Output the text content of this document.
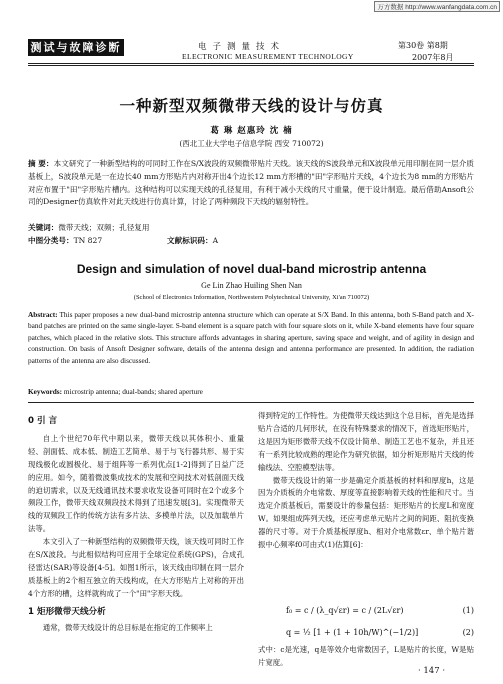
万方数据 http://www.wanfangdata.com.cn
测试与故障诊断	电子测量技术
ELECTRONIC MEASUREMENT TECHNOLOGY
第30卷 第8期
2007年8月
一种新型双频微带天线的设计与仿真
葛 琳 赵惠玲 沈 楠
(西北工业大学电子信息学院 西安 710072)
摘 要：本文研究了一种新型结构的可同时工作在S/X波段的双频微带贴片天线。该天线的S波段单元和X波段单元用印制在同一层介质基板上，S波段单元是一在边长40 mm方形贴片内对称开出4个边长12 mm方形槽的"田"字形贴片天线，4个边长为8 mm的方形贴片对应布置于"田"字形贴片槽内。这种结构可以实现天线的孔径复用，有利于减小天线的尺寸重量，便于设计制造。最后借助Ansoft公司的Designer仿真软件对此天线进行仿真计算，讨论了两种频段下天线的辐射特性。
关键词：微带天线；双频；孔径复用
中图分类号：TN 827	文献标识码：A
Design and simulation of novel dual-band microstrip antenna
Ge Lin Zhao Huiling Shen Nan
(School of Electronics Information, Northwestern Polytechnical University, Xi'an 710072)
Abstract: This paper proposes a new dual-band microstrip antenna structure which can operate at S/X Band. In this antenna, both S-Band patch and X-band patches are printed on the same single-layer. S-band element is a square patch with four square slots on it, while X-band elements have four square patches, which placed in the relative slots. This structure affords advantages in sharing aperture, saving space and weight, and of agility in design and construction. On basis of Ansoft Designer software, details of the antenna design and antenna performance are presented. In addition, the radiation patterns of the antenna are also discussed.
Keywords: microstrip antenna; dual-bands; shared aperture
0 引 言

自上个世纪70年代中期以来，微带天线以其体积小、重量轻、剖面低、成本低、制造工艺简单、易于与飞行器共形、易于实现线极化或圆极化、易于组阵等一系列优点[1-2]得到了日益广泛的应用。如今，随着微波集成技术的发展和空间技术对低剖面天线的迫切需求，以及无线通讯技术要求收发设备可同时在2个或多个频段工作，微带天线双频段技术得到了迅速发展[3]。实现微带天线的双频段工作的传统方法有多片法、多模单片法，以及加载单片法等。

本文引入了一种新型结构的双频微带天线，该天线可同时工作在S/X波段。与此相似结构可应用于全球定位系统(GPS)，合成孔径雷达(SAR)等设备[4-5]。如图1所示，该天线由印制在同一层介质基板上的2个相互独立的天线构成，在大方形贴片上对称的开出4个方形的槽，这样就构成了一个"田"字形天线。

1 矩形微带天线分析

通常，微带天线设计的总目标是在指定的工作频率上

得到特定的工作特性。为使微带天线达到这个总目标，首先是选择贴片合适的几何形状，在没有特殊要求的情况下，首选矩形贴片，这是因为矩形微带天线不仅设计简单、制造工艺也不复杂，并且还有一系列比较成熟的理论作为研究依据，如分析矩形贴片天线的传输线法、空腔模型法等。

微带天线设计的第一步是确定介质基板的材料和厚度h，这是因为介质板的介电常数、厚度等直接影响着天线的性能和尺寸。当选定介质基板后，需要设计的参量包括：矩形贴片的长度L和宽度W。如果组成阵列天线，还应考虑单元贴片之间的间距、阻抗变换器的尺寸等。对于介质基板厚度h、相对介电常数εr、单个贴片谐振中心频率f0可由式(1)估算[6]：

f₀ = c / (λ_q√εr) = c / (2L√εr)	(1)
q = ½ [1 + (1 + 10h/W)^(−1/2)]	(2)

式中：c是光速，q是等效介电常数因子，L是贴片的长度，W是贴片宽度。

· 147 ·
